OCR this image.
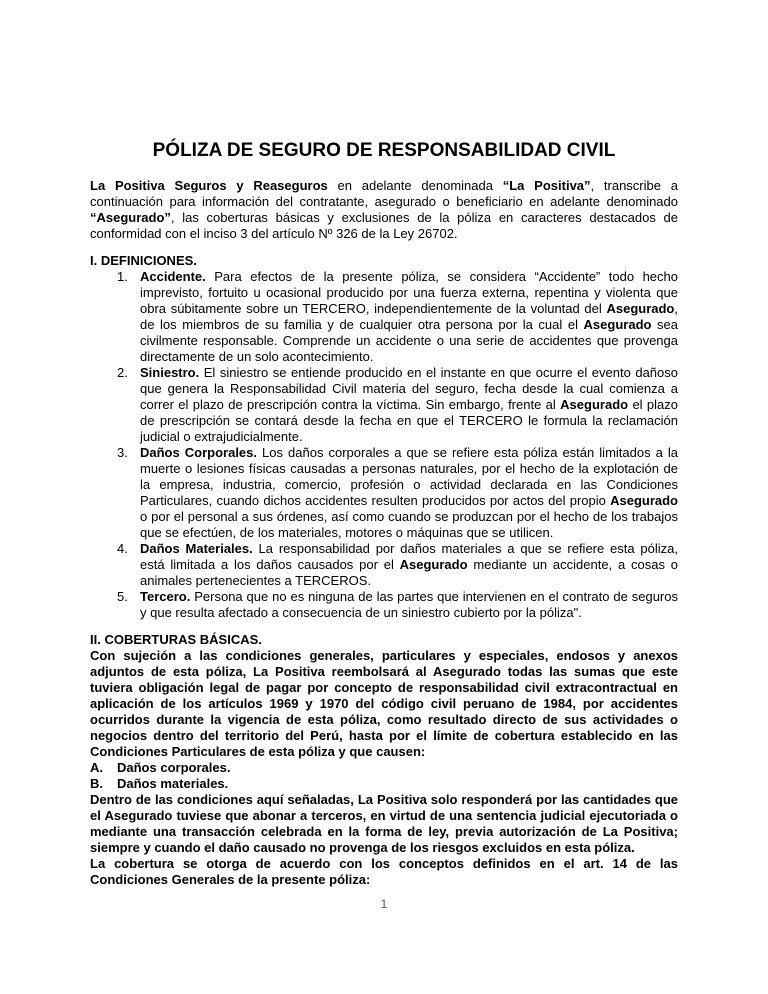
PÓLIZA DE SEGURO DE RESPONSABILIDAD CIVIL

La Positiva Seguros y Reaseguros en adelante denominada “La Positiva”, transcribe a continuación para información del contratante, asegurado o beneficiario en adelante denominado “Asegurado”, las coberturas básicas y exclusiones de la póliza en caracteres destacados de conformidad con el inciso 3 del artículo Nº 326 de la Ley 26702.

I. DEFINICIONES.
1. Accidente. Para efectos de la presente póliza, se considera “Accidente” todo hecho imprevisto, fortuito u ocasional producido por una fuerza externa, repentina y violenta que obra súbitamente sobre un TERCERO, independientemente de la voluntad del Asegurado, de los miembros de su familia y de cualquier otra persona por la cual el Asegurado sea civilmente responsable. Comprende un accidente o una serie de accidentes que provenga directamente de un solo acontecimiento.

2. Siniestro. El siniestro se entiende producido en el instante en que ocurre el evento dañoso que genera la Responsabilidad Civil materia del seguro, fecha desde la cual comienza a correr el plazo de prescripción contra la víctima. Sin embargo, frente al Asegurado el plazo de prescripción se contará desde la fecha en que el TERCERO le formula la reclamación judicial o extrajudicialmente.

3. Daños Corporales. Los daños corporales a que se refiere esta póliza están limitados a la muerte o lesiones físicas causadas a personas naturales, por el hecho de la explotación de la empresa, industria, comercio, profesión o actividad declarada en las Condiciones Particulares, cuando dichos accidentes resulten producidos por actos del propio Asegurado o por el personal a sus órdenes, así como cuando se produzcan por el hecho de los trabajos que se efectúen, de los materiales, motores o máquinas que se utilicen.

4. Daños Materiales. La responsabilidad por daños materiales a que se refiere esta póliza, está limitada a los daños causados por el Asegurado mediante un accidente, a cosas o animales pertenecientes a TERCEROS.

5. Tercero. Persona que no es ninguna de las partes que intervienen en el contrato de seguros y que resulta afectado a consecuencia de un siniestro cubierto por la póliza".

II. COBERTURAS BÁSICAS.

Con sujeción a las condiciones generales, particulares y especiales, endosos y anexos adjuntos de esta póliza, La Positiva reembolsará al Asegurado todas las sumas que este tuviera obligación legal de pagar por concepto de responsabilidad civil extracontractual en aplicación de los artículos 1969 y 1970 del código civil peruano de 1984, por accidentes ocurridos durante la vigencia de esta póliza, como resultado directo de sus actividades o negocios dentro del territorio del Perú, hasta por el límite de cobertura establecido en las Condiciones Particulares de esta póliza y que causen:

A.	Daños corporales.
B.	Daños materiales.

Dentro de las condiciones aquí señaladas, La Positiva solo responderá por las cantidades que el Asegurado tuviese que abonar a terceros, en virtud de una sentencia judicial ejecutoriada o mediante una transacción celebrada en la forma de ley, previa autorización de La Positiva; siempre y cuando el daño causado no provenga de los riesgos excluidos en esta póliza.

La cobertura se otorga de acuerdo con los conceptos definidos en el art. 14 de las Condiciones Generales de la presente póliza:

1
